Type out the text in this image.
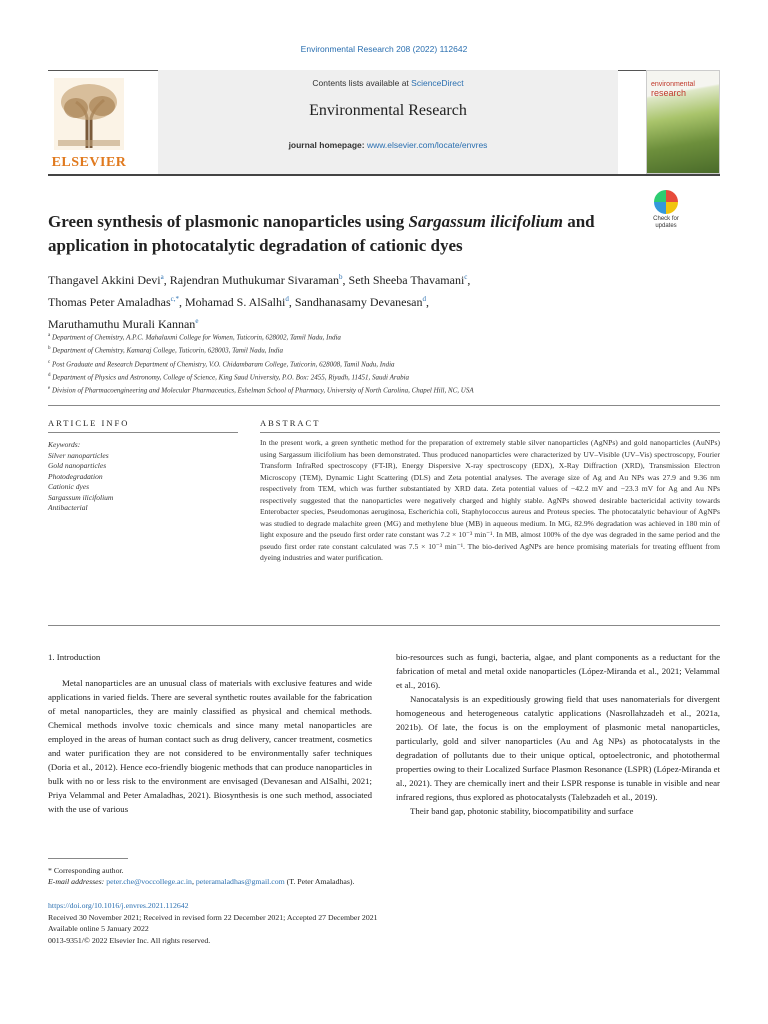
Environmental Research 208 (2022) 112642
ELSEVIER
Contents lists available at ScienceDirect
Environmental Research
journal homepage: www.elsevier.com/locate/envres
environmental
research
Green synthesis of plasmonic nanoparticles using Sargassum ilicifolium and application in photocatalytic degradation of cationic dyes
Check for
updates
Thangavel Akkini Devi$^a$, Rajendran Muthukumar Sivaraman$^b$, Seth Sheeba Thavamani$^c$,
Thomas Peter Amaladhas$^{c,*}$, Mohamad S. AlSalhi$^d$, Sandhanasamy Devanesan$^d$,
Maruthamuthu Murali Kannan$^e$
$^a$ Department of Chemistry, A.P.C. Mahalaxmi College for Women, Tuticorin, 628002, Tamil Nadu, India
$^b$ Department of Chemistry, Kamaraj College, Tuticorin, 628003, Tamil Nadu, India
$^c$ Post Graduate and Research Department of Chemistry, V.O. Chidambaram College, Tuticorin, 628008, Tamil Nadu, India
$^d$ Department of Physics and Astronomy, College of Science, King Saud University, P.O. Box: 2455, Riyadh, 11451, Saudi Arabia
$^e$ Division of Pharmacoengineering and Molecular Pharmaceutics, Eshelman School of Pharmacy, University of North Carolina, Chapel Hill, NC, USA
ARTICLE INFO	ABSTRACT
Keywords:
Silver nanoparticles
Gold nanoparticles
Photodegradation
Cationic dyes
Sargassum ilicifolium
Antibacterial
In the present work, a green synthetic method for the preparation of extremely stable silver nanoparticles (AgNPs) and gold nanoparticles (AuNPs) using Sargassum ilicifolium has been demonstrated. Thus produced nanoparticles were characterized by UV–Visible (UV–Vis) spectroscopy, Fourier Transform InfraRed spectroscopy (FT-IR), Energy Dispersive X-ray spectroscopy (EDX), X-Ray Diffraction (XRD), Transmission Electron Microscopy (TEM), Dynamic Light Scattering (DLS) and Zeta potential analyses. The average size of Ag and Au NPs was 27.9 and 9.36 nm respectively from TEM, which was further substantiated by XRD data. Zeta potential values of −42.2 mV and −23.3 mV for Ag and Au NPs respectively suggested that the nanoparticles were negatively charged and highly stable. AgNPs showed desirable bactericidal activity towards Enterobacter species, Pseudomonas aeruginosa, Escherichia coli, Staphylococcus aureus and Proteus species. The photocatalytic behaviour of AgNPs was studied to degrade malachite green (MG) and methylene blue (MB) in aqueous medium. In MG, 82.9% degradation was achieved in 180 min of light exposure and the pseudo first order rate constant was 7.2 × 10⁻³ min⁻¹. In MB, almost 100% of the dye was degraded in the same period and the pseudo first order rate constant calculated was 7.5 × 10⁻³ min⁻¹. The bio-derived AgNPs are hence promising materials for treating effluent from dyeing industries and water purification.
1. Introduction

Metal nanoparticles are an unusual class of materials with exclusive features and wide applications in varied fields. There are several synthetic routes available for the fabrication of metal nanoparticles, they are mainly classified as physical and chemical methods. Chemical methods involve toxic chemicals and since many metal nanoparticles are employed in the areas of human contact such as drug delivery, cancer treatment, cosmetics and water purification they are not considered to be environmentally safer techniques (Doria et al., 2012). Hence eco-friendly biogenic methods that can produce nanoparticles in bulk with no or less risk to the environment are envisaged (Devanesan and AlSalhi, 2021; Priya Velammal and Peter Amaladhas, 2021). Biosynthesis is one such method, associated with the use of various

bio-resources such as fungi, bacteria, algae, and plant components as a reductant for the fabrication of metal and metal oxide nanoparticles (López-Miranda et al., 2021; Velammal et al., 2016).

Nanocatalysis is an expeditiously growing field that uses nanomaterials for divergent homogeneous and heterogeneous catalytic applications (Nasrollahzadeh et al., 2021a, 2021b). Of late, the focus is on the employment of plasmonic metal nanoparticles, particularly, gold and silver nanoparticles (Au and Ag NPs) as photocatalysts in the degradation of pollutants due to their unique optical, optoelectronic, and photothermal properties owing to their Localized Surface Plasmon Resonance (LSPR) (López-Miranda et al., 2021). They are chemically inert and their LSPR response is tunable in visible and near infrared regions, thus explored as photocatalysts (Talebzadeh et al., 2019).

Their band gap, photonic stability, biocompatibility and surface

* Corresponding author.
E-mail addresses: peter.che@voccollege.ac.in, peteramaladhas@gmail.com (T. Peter Amaladhas).
https://doi.org/10.1016/j.envres.2021.112642
Received 30 November 2021; Received in revised form 22 December 2021; Accepted 27 December 2021
Available online 5 January 2022
0013-9351/© 2022 Elsevier Inc. All rights reserved.
